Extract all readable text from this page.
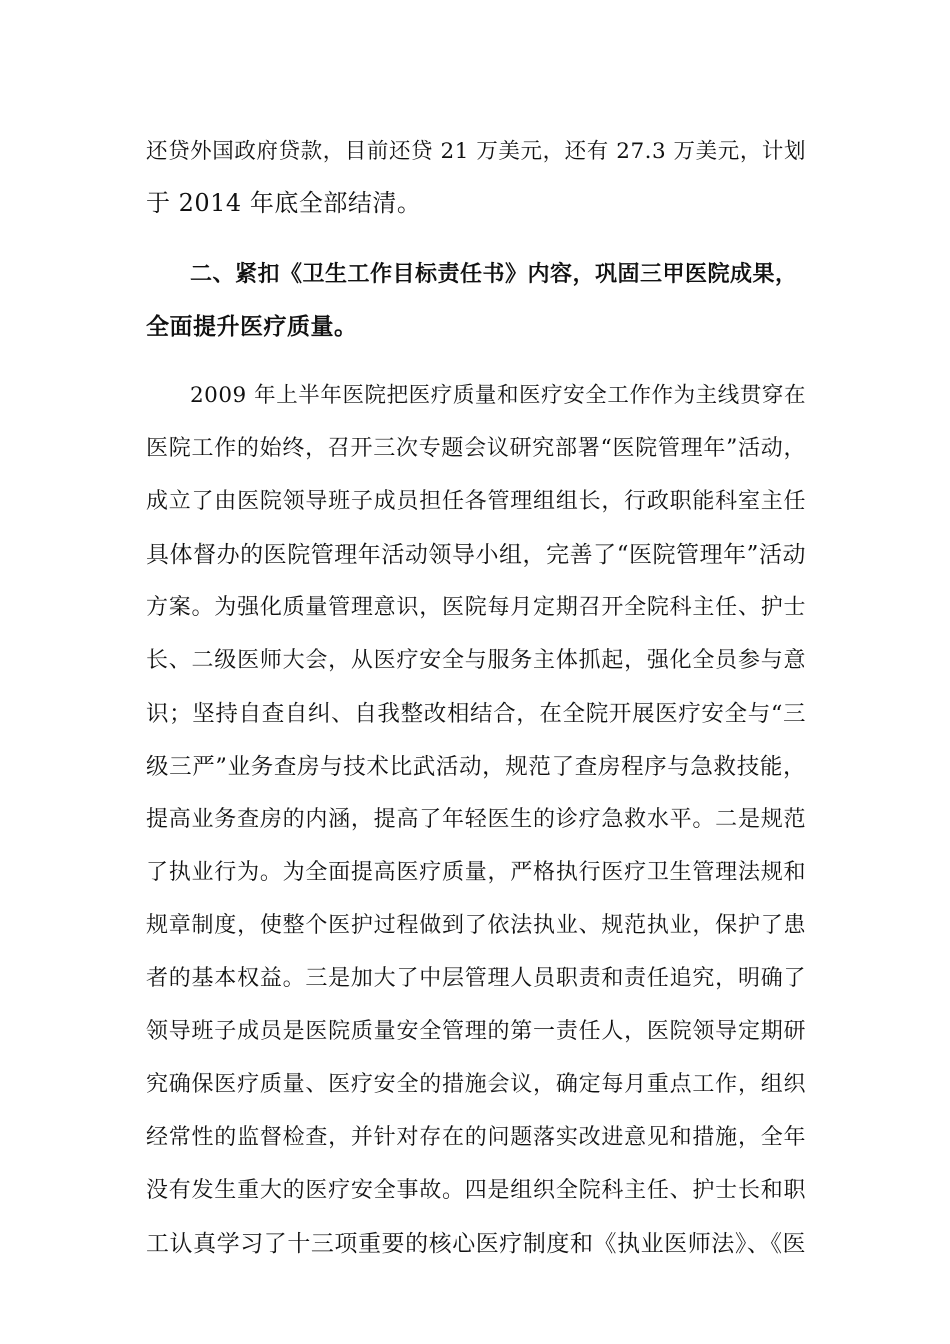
还贷外国政府贷款，目前还贷 21 万美元，还有 27.3 万美元，计划
于 2014 年底全部结清。
二、紧扣《卫生工作目标责任书》内容，巩固三甲医院成果，
全面提升医疗质量。
2009 年上半年医院把医疗质量和医疗安全工作作为主线贯穿在
医院工作的始终，召开三次专题会议研究部署“医院管理年”活动，
成立了由医院领导班子成员担任各管理组组长，行政职能科室主任
具体督办的医院管理年活动领导小组，完善了“医院管理年”活动
方案。为强化质量管理意识，医院每月定期召开全院科主任、护士
长、二级医师大会，从医疗安全与服务主体抓起，强化全员参与意
识；坚持自查自纠、自我整改相结合，在全院开展医疗安全与“三
级三严”业务查房与技术比武活动，规范了查房程序与急救技能，
提高业务查房的内涵，提高了年轻医生的诊疗急救水平。二是规范
了执业行为。为全面提高医疗质量，严格执行医疗卫生管理法规和
规章制度，使整个医护过程做到了依法执业、规范执业，保护了患
者的基本权益。三是加大了中层管理人员职责和责任追究，明确了
领导班子成员是医院质量安全管理的第一责任人，医院领导定期研
究确保医疗质量、医疗安全的措施会议，确定每月重点工作，组织
经常性的监督检查，并针对存在的问题落实改进意见和措施，全年
没有发生重大的医疗安全事故。四是组织全院科主任、护士长和职
工认真学习了十三项重要的核心医疗制度和《执业医师法》、《医
